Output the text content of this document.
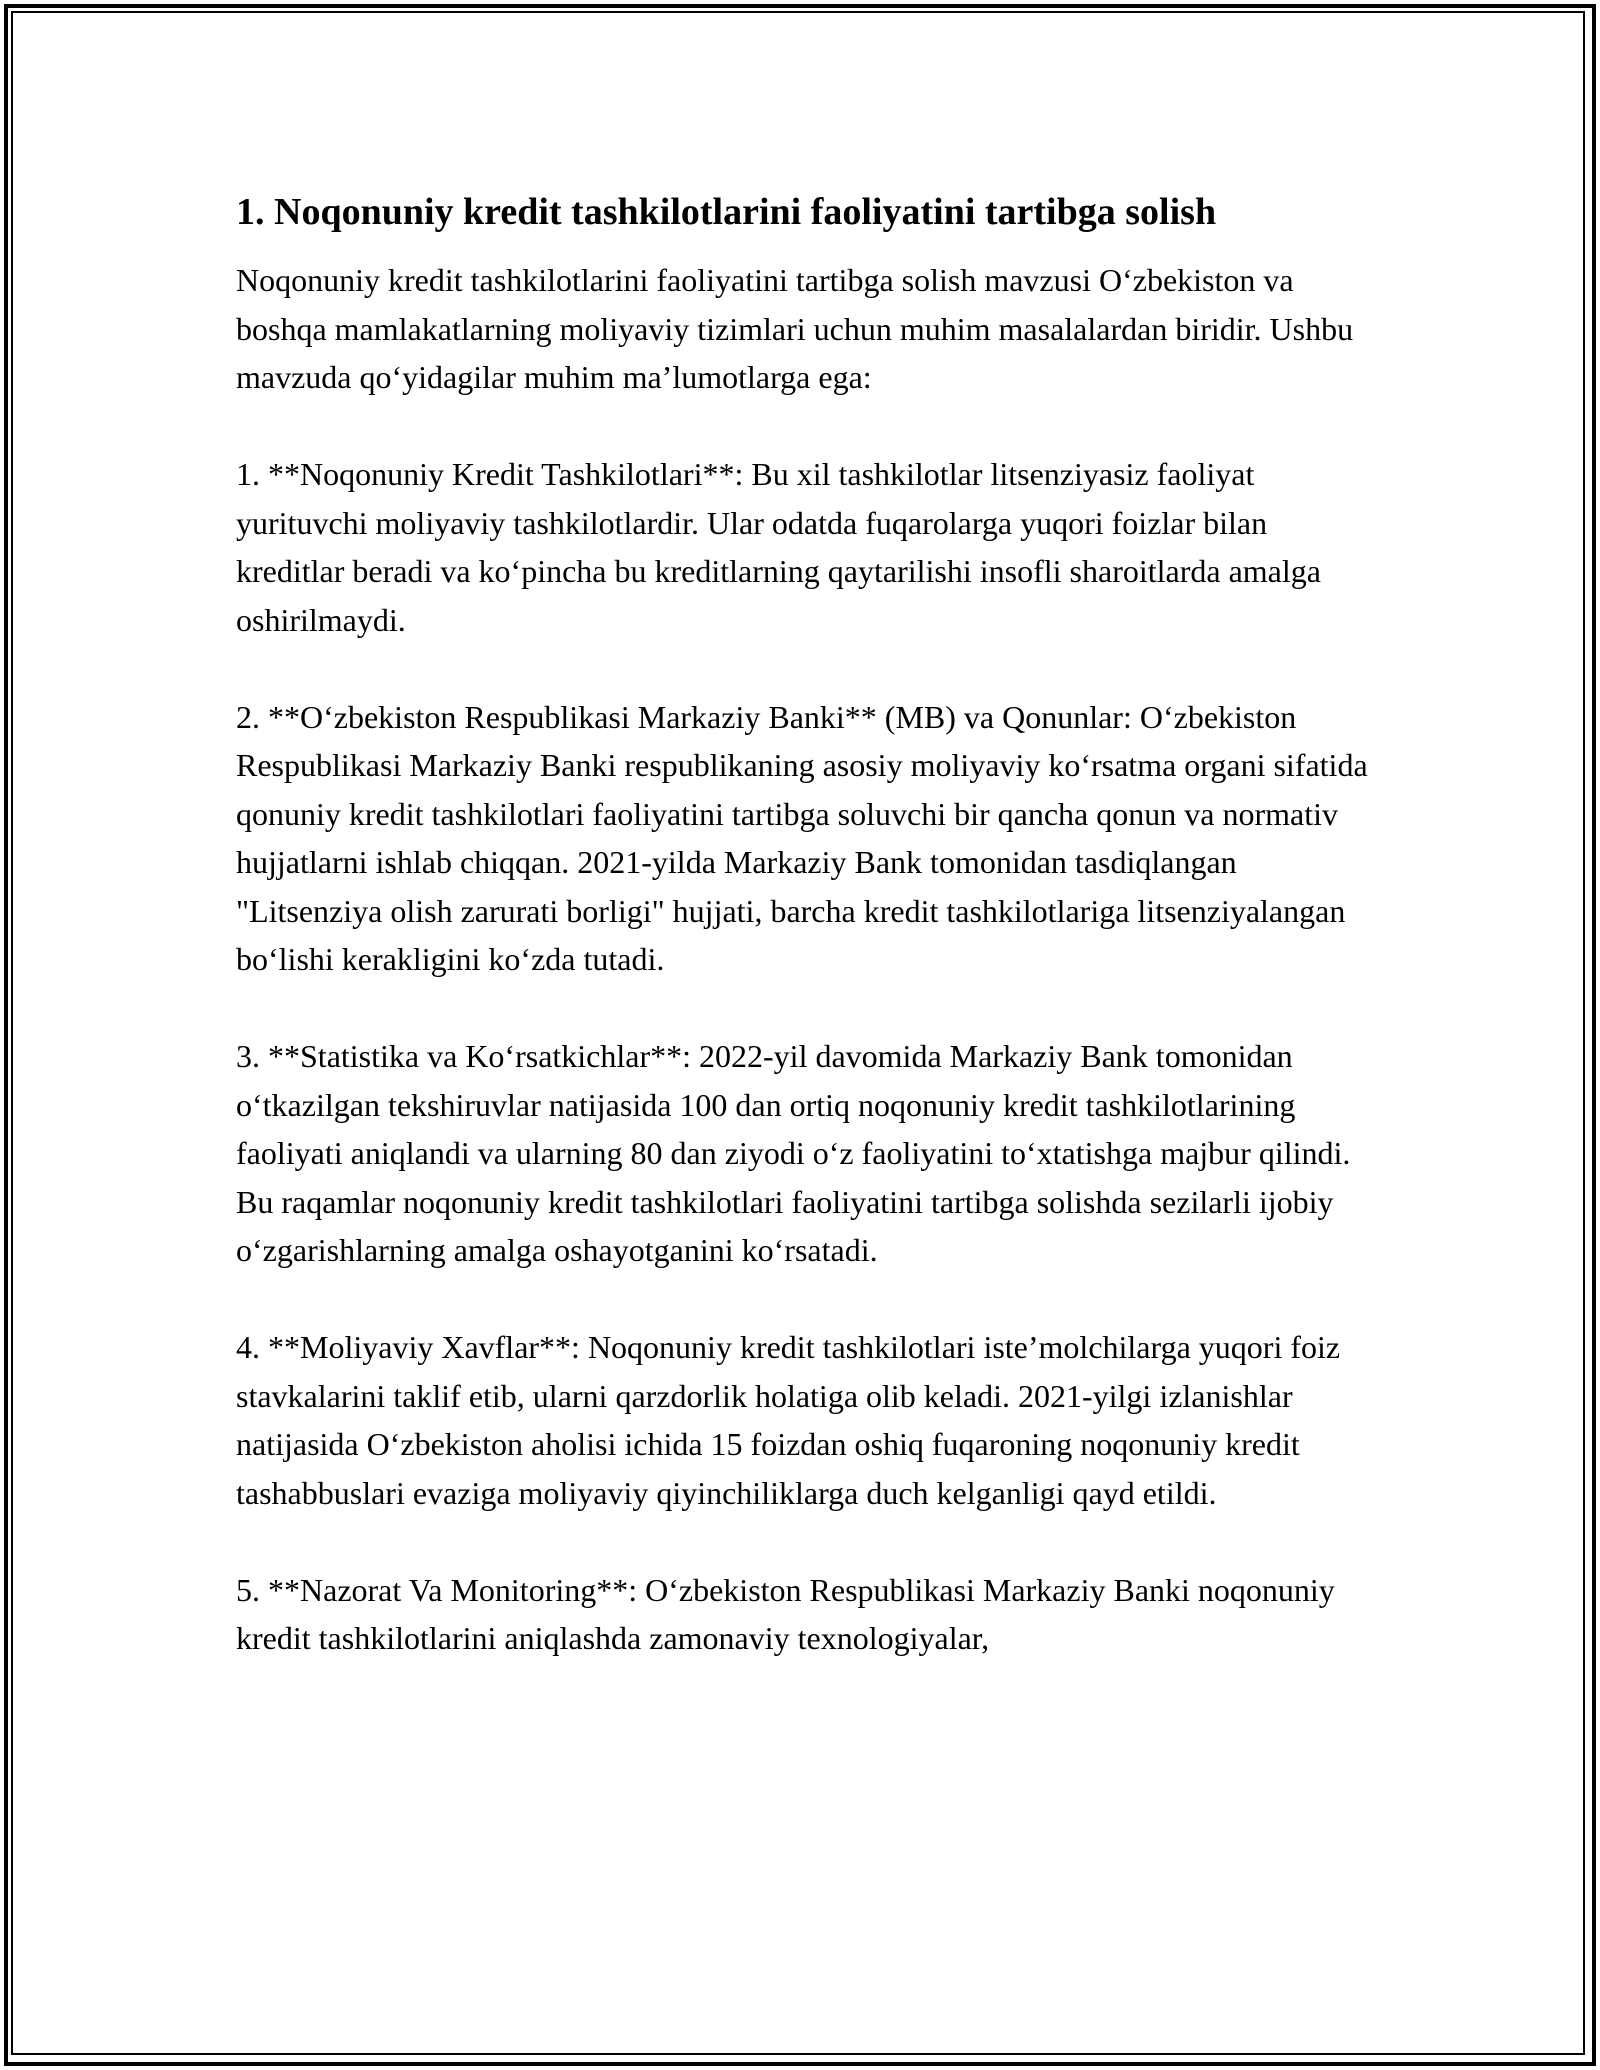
1. Noqonuniy kredit tashkilotlarini faoliyatini tartibga solish

Noqonuniy kredit tashkilotlarini faoliyatini tartibga solish mavzusi O‘zbekiston va boshqa mamlakatlarning moliyaviy tizimlari uchun muhim masalalardan biridir. Ushbu mavzuda qo‘yidagilar muhim ma’lumotlarga ega:

1. **Noqonuniy Kredit Tashkilotlari**: Bu xil tashkilotlar litsenziyasiz faoliyat yurituvchi moliyaviy tashkilotlardir. Ular odatda fuqarolarga yuqori foizlar bilan kreditlar beradi va ko‘pincha bu kreditlarning qaytarilishi insofli sharoitlarda amalga oshirilmaydi.

2. **O‘zbekiston Respublikasi Markaziy Banki** (MB) va Qonunlar: O‘zbekiston Respublikasi Markaziy Banki respublikaning asosiy moliyaviy ko‘rsatma organi sifatida qonuniy kredit tashkilotlari faoliyatini tartibga soluvchi bir qancha qonun va normativ hujjatlarni ishlab chiqqan. 2021-yilda Markaziy Bank tomonidan tasdiqlangan "Litsenziya olish zarurati borligi" hujjati, barcha kredit tashkilotlariga litsenziyalangan bo‘lishi kerakligini ko‘zda tutadi.

3. **Statistika va Ko‘rsatkichlar**: 2022-yil davomida Markaziy Bank tomonidan o‘tkazilgan tekshiruvlar natijasida 100 dan ortiq noqonuniy kredit tashkilotlarining faoliyati aniqlandi va ularning 80 dan ziyodi o‘z faoliyatini to‘xtatishga majbur qilindi. Bu raqamlar noqonuniy kredit tashkilotlari faoliyatini tartibga solishda sezilarli ijobiy o‘zgarishlarning amalga oshayotganini ko‘rsatadi.

4. **Moliyaviy Xavflar**: Noqonuniy kredit tashkilotlari iste’molchilarga yuqori foiz stavkalarini taklif etib, ularni qarzdorlik holatiga olib keladi. 2021-yilgi izlanishlar natijasida O‘zbekiston aholisi ichida 15 foizdan oshiq fuqaroning noqonuniy kredit tashabbuslari evaziga moliyaviy qiyinchiliklarga duch kelganligi qayd etildi.

5. **Nazorat Va Monitoring**: O‘zbekiston Respublikasi Markaziy Banki noqonuniy kredit tashkilotlarini aniqlashda zamonaviy texnologiyalar,
